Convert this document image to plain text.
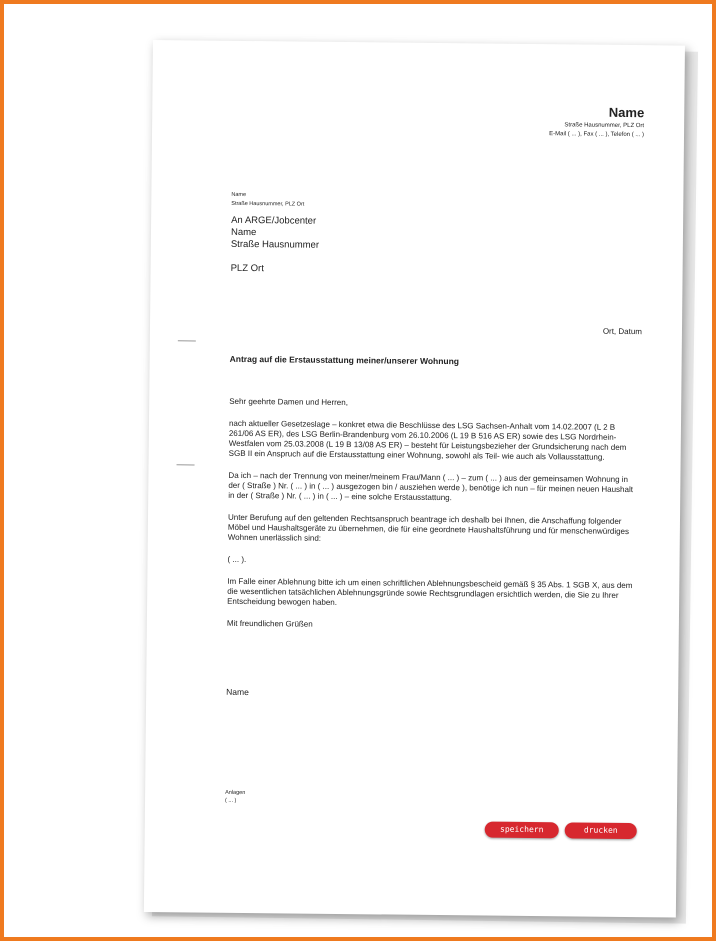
Name
Straße Hausnummer, PLZ Ort
E-Mail ( ... ), Fax ( ... ), Telefon ( ... )
Name
Straße Hausnummer, PLZ Ort
An ARGE/Jobcenter
Name
Straße Hausnummer
PLZ Ort
Ort, Datum
Antrag auf die Erstausstattung meiner/unserer Wohnung

Sehr geehrte Damen und Herren,

nach aktueller Gesetzeslage – konkret etwa die Beschlüsse des LSG Sachsen-Anhalt vom 14.02.2007 (L 2 B 261/06 AS ER), des LSG Berlin-Brandenburg vom 26.10.2006 (L 19 B 516 AS ER) sowie des LSG Nordrhein-Westfalen vom 25.03.2008 (L 19 B 13/08 AS ER) – besteht für Leistungsbezieher der Grundsicherung nach dem SGB II ein Anspruch auf die Erstausstattung einer Wohnung, sowohl als Teil- wie auch als Vollausstattung.

Da ich – nach der Trennung von meiner/meinem Frau/Mann ( ... ) – zum ( ... ) aus der gemeinsamen Wohnung in der ( Straße ) Nr. ( ... ) in ( ... ) ausgezogen bin / ausziehen werde ), benötige ich nun – für meinen neuen Haushalt in der ( Straße ) Nr. ( ... ) in ( ... ) – eine solche Erstausstattung.

Unter Berufung auf den geltenden Rechtsanspruch beantrage ich deshalb bei Ihnen, die Anschaffung folgender Möbel und Haushaltsgeräte zu übernehmen, die für eine geordnete Haushaltsführung und für menschenwürdiges Wohnen unerlässlich sind:

( ... ).

Im Falle einer Ablehnung bitte ich um einen schriftlichen Ablehnungsbescheid gemäß § 35 Abs. 1 SGB X, aus dem die wesentlichen tatsächlichen Ablehnungsgründe sowie Rechtsgrundlagen ersichtlich werden, die Sie zu Ihrer Entscheidung bewogen haben.

Mit freundlichen Grüßen

Name
Anlagen
( ... )
speichern	drucken
